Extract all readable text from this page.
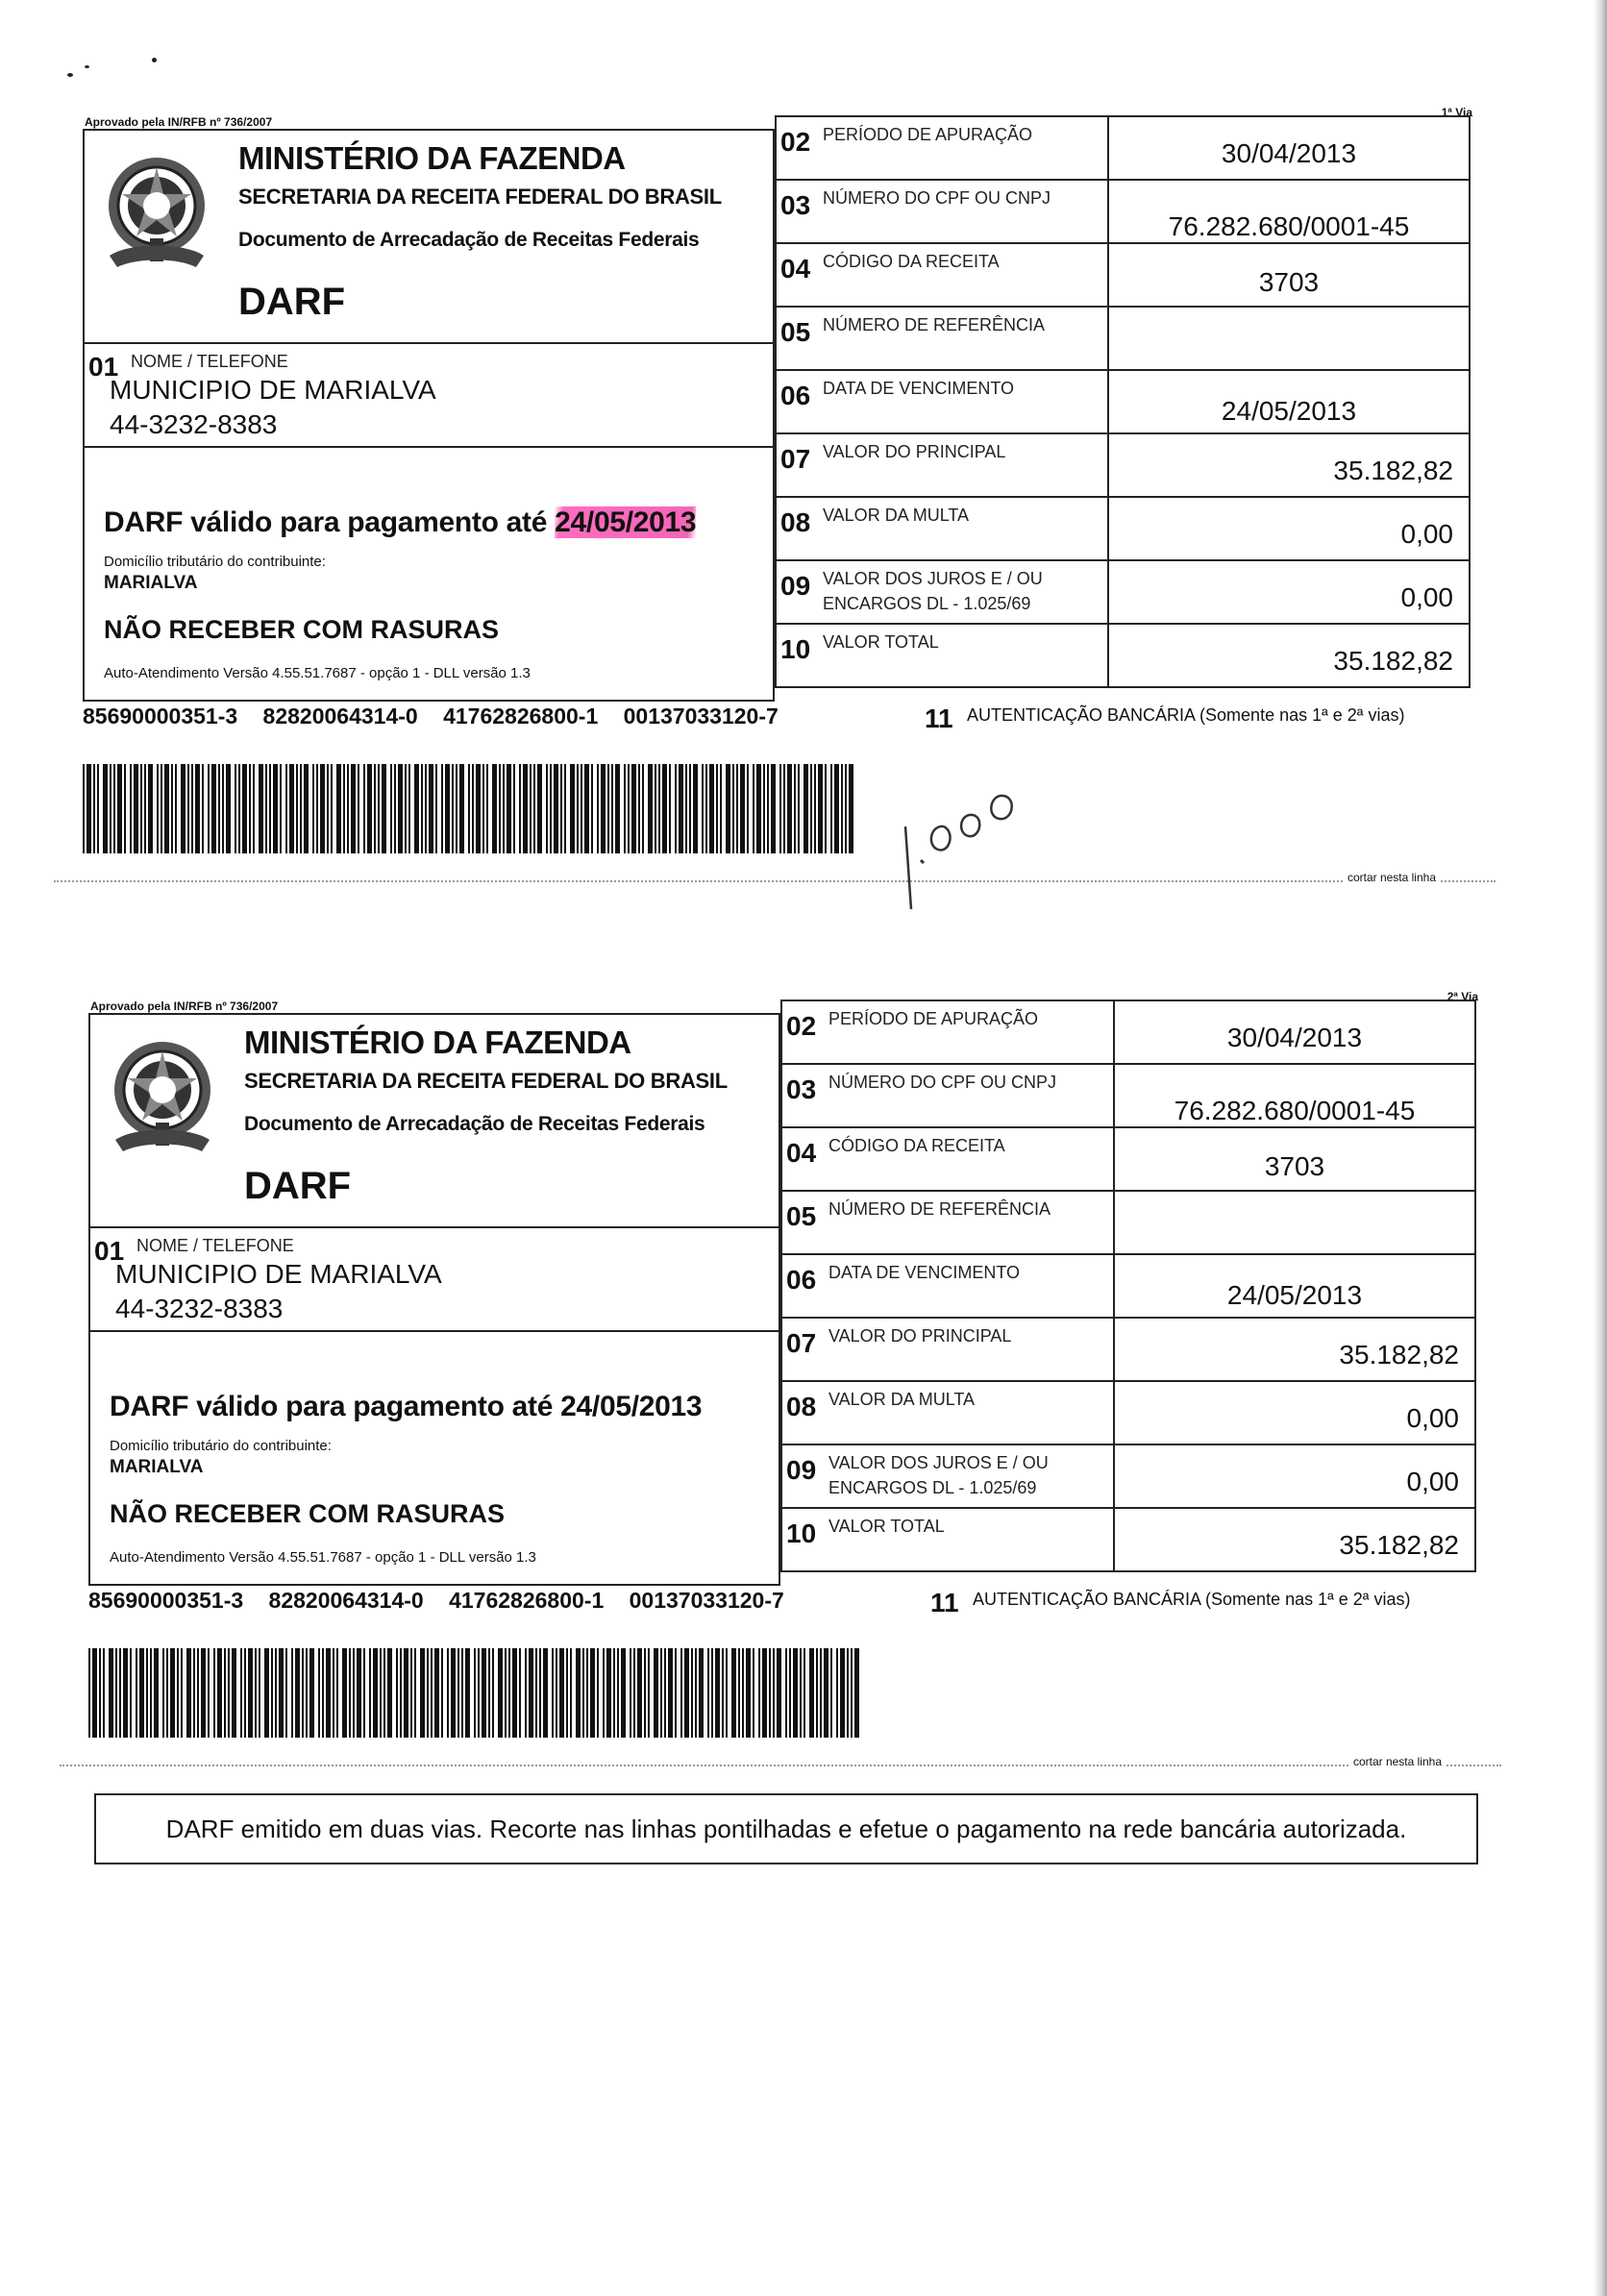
Aprovado pela IN/RFB nº 736/2007
1ª Via
MINISTÉRIO DA FAZENDA
SECRETARIA DA RECEITA FEDERAL DO BRASIL
Documento de Arrecadação de Receitas Federais
DARF
01 NOME / TELEFONE
MUNICIPIO DE MARIALVA
44-3232-8383
DARF válido para pagamento até 24/05/2013
Domicílio tributário do contribuinte:
MARIALVA
NÃO RECEBER COM RASURAS
Auto-Atendimento Versão 4.55.51.7687 - opção 1 - DLL versão 1.3
02 PERÍODO DE APURAÇÃO
30/04/2013
03 NÚMERO DO CPF OU CNPJ
76.282.680/0001-45
04 CÓDIGO DA RECEITA
3703
05 NÚMERO DE REFERÊNCIA
06 DATA DE VENCIMENTO
24/05/2013
07 VALOR DO PRINCIPAL
35.182,82
08 VALOR DA MULTA
0,00
09 VALOR DOS JUROS E / OU
ENCARGOS DL - 1.025/69	0,00
10 VALOR TOTAL
35.182,82
85690000351-3 82820064314-0 41762826800-1 00137033120-7	11 AUTENTICAÇÃO BANCÁRIA (Somente nas 1ª e 2ª vias)
cortar nesta linha
Aprovado pela IN/RFB nº 736/2007
2ª Via
MINISTÉRIO DA FAZENDA
SECRETARIA DA RECEITA FEDERAL DO BRASIL
Documento de Arrecadação de Receitas Federais
DARF
01 NOME / TELEFONE
MUNICIPIO DE MARIALVA
44-3232-8383
DARF válido para pagamento até 24/05/2013
Domicílio tributário do contribuinte:
MARIALVA
NÃO RECEBER COM RASURAS
Auto-Atendimento Versão 4.55.51.7687 - opção 1 - DLL versão 1.3
02 PERÍODO DE APURAÇÃO
30/04/2013
03 NÚMERO DO CPF OU CNPJ
76.282.680/0001-45
04 CÓDIGO DA RECEITA
3703
05 NÚMERO DE REFERÊNCIA
06 DATA DE VENCIMENTO
24/05/2013
07 VALOR DO PRINCIPAL
35.182,82
08 VALOR DA MULTA
0,00
09 VALOR DOS JUROS E / OU
ENCARGOS DL - 1.025/69	0,00
10 VALOR TOTAL
35.182,82
85690000351-3 82820064314-0 41762826800-1 00137033120-7	11 AUTENTICAÇÃO BANCÁRIA (Somente nas 1ª e 2ª vias)
cortar nesta linha
DARF emitido em duas vias. Recorte nas linhas pontilhadas e efetue o pagamento na rede bancária autorizada.
